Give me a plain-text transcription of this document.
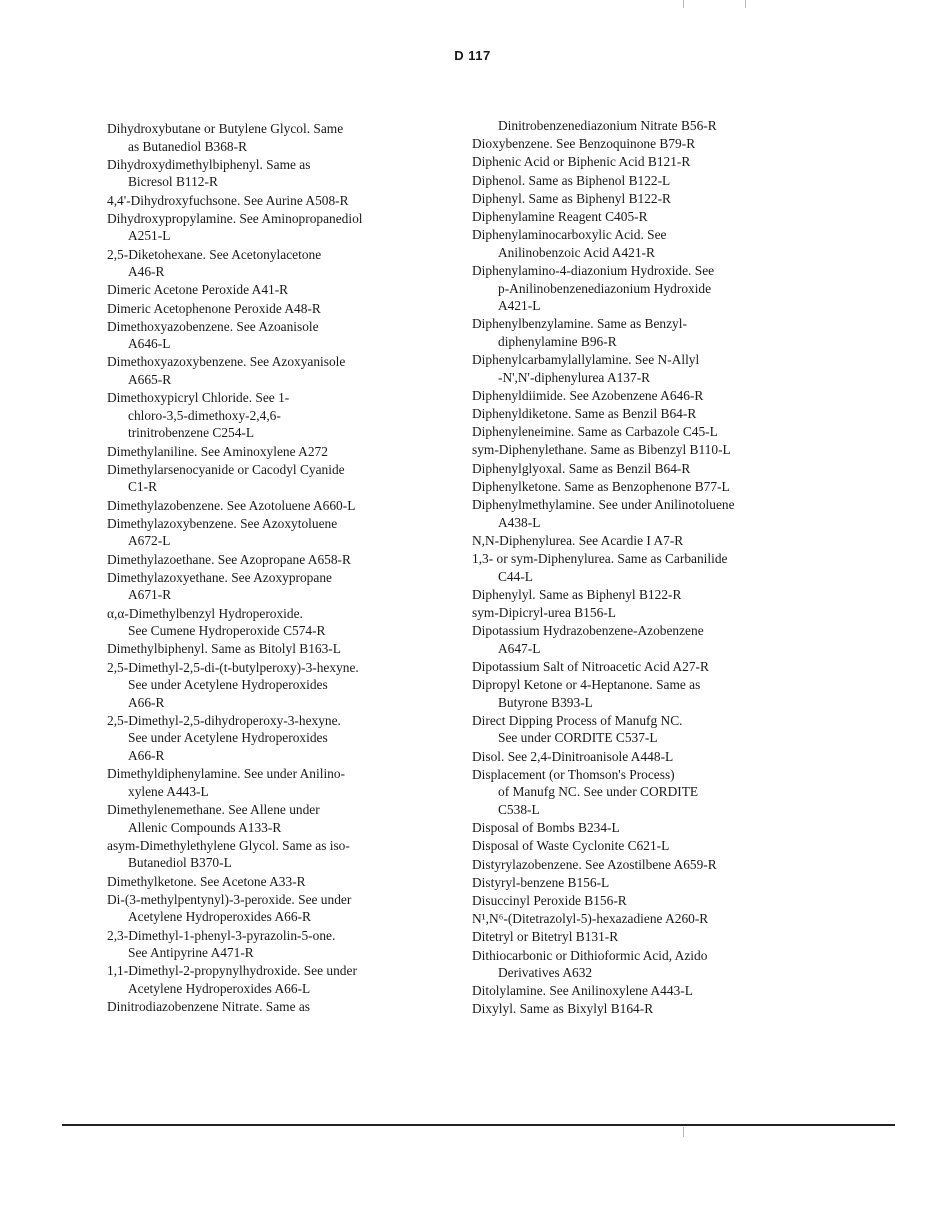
D 117
Dihydroxybutane or Butylene Glycol. Same
as Butanediol B368-R
Dihydroxydimethylbiphenyl. Same as
Bicresol B112-R
4,4'-Dihydroxyfuchsone. See Aurine A508-R
Dihydroxypropylamine. See Aminopropanediol
A251-L
2,5-Diketohexane. See Acetonylacetone
A46-R
Dimeric Acetone Peroxide A41-R
Dimeric Acetophenone Peroxide A48-R
Dimethoxyazobenzene. See Azoanisole
A646-L
Dimethoxyazoxybenzene. See Azoxyanisole
A665-R
Dimethoxypicryl Chloride. See 1-
chloro-3,5-dimethoxy-2,4,6-
trinitrobenzene C254-L
Dimethylaniline. See Aminoxylene A272
Dimethylarsenocyanide or Cacodyl Cyanide
C1-R
Dimethylazobenzene. See Azotoluene A660-L
Dimethylazoxybenzene. See Azoxytoluene
A672-L
Dimethylazoethane. See Azopropane A658-R
Dimethylazoxyethane. See Azoxypropane
A671-R
α,α-Dimethylbenzyl Hydroperoxide.
See Cumene Hydroperoxide C574-R
Dimethylbiphenyl. Same as Bitolyl B163-L
2,5-Dimethyl-2,5-di-(t-butylperoxy)-3-hexyne.
See under Acetylene Hydroperoxides
A66-R
2,5-Dimethyl-2,5-dihydroperoxy-3-hexyne.
See under Acetylene Hydroperoxides
A66-R
Dimethyldiphenylamine. See under Anilino-
xylene A443-L
Dimethylenemethane. See Allene under
Allenic Compounds A133-R
asym-Dimethylethylene Glycol. Same as iso-
Butanediol B370-L
Dimethylketone. See Acetone A33-R
Di-(3-methylpentynyl)-3-peroxide. See under
Acetylene Hydroperoxides A66-R
2,3-Dimethyl-1-phenyl-3-pyrazolin-5-one.
See Antipyrine A471-R
1,1-Dimethyl-2-propynylhydroxide. See under
Acetylene Hydroperoxides A66-L
Dinitrodiazobenzene Nitrate. Same as
Dinitrobenzenediazonium Nitrate B56-R
Dioxybenzene. See Benzoquinone B79-R
Diphenic Acid or Biphenic Acid B121-R
Diphenol. Same as Biphenol B122-L
Diphenyl. Same as Biphenyl B122-R
Diphenylamine Reagent C405-R
Diphenylaminocarboxylic Acid. See
Anilinobenzoic Acid A421-R
Diphenylamino-4-diazonium Hydroxide. See
p-Anilinobenzenediazonium Hydroxide
A421-L
Diphenylbenzylamine. Same as Benzyl-
diphenylamine B96-R
Diphenylcarbamylallylamine. See N-Allyl
-N',N'-diphenylurea A137-R
Diphenyldiimide. See Azobenzene A646-R
Diphenyldiketone. Same as Benzil B64-R
Diphenyleneimine. Same as Carbazole C45-L
sym-Diphenylethane. Same as Bibenzyl B110-L
Diphenylglyoxal. Same as Benzil B64-R
Diphenylketone. Same as Benzophenone B77-L
Diphenylmethylamine. See under Anilinotoluene
A438-L
N,N-Diphenylurea. See Acardie I A7-R
1,3- or sym-Diphenylurea. Same as Carbanilide
C44-L
Diphenylyl. Same as Biphenyl B122-R
sym-Dipicryl-urea B156-L
Dipotassium Hydrazobenzene-Azobenzene
A647-L
Dipotassium Salt of Nitroacetic Acid A27-R
Dipropyl Ketone or 4-Heptanone. Same as
Butyrone B393-L
Direct Dipping Process of Manufg NC.
See under CORDITE C537-L
Disol. See 2,4-Dinitroanisole A448-L
Displacement (or Thomson's Process)
of Manufg NC. See under CORDITE
C538-L
Disposal of Bombs B234-L
Disposal of Waste Cyclonite C621-L
Distyrylazobenzene. See Azostilbene A659-R
Distyryl-benzene B156-L
Disuccinyl Peroxide B156-R
N¹,N⁶-(Ditetrazolyl-5)-hexazadiene A260-R
Ditetryl or Bitetryl B131-R
Dithiocarbonic or Dithioformic Acid, Azido
Derivatives A632
Ditolylamine. See Anilinoxylene A443-L
Dixylyl. Same as Bixylyl B164-R
